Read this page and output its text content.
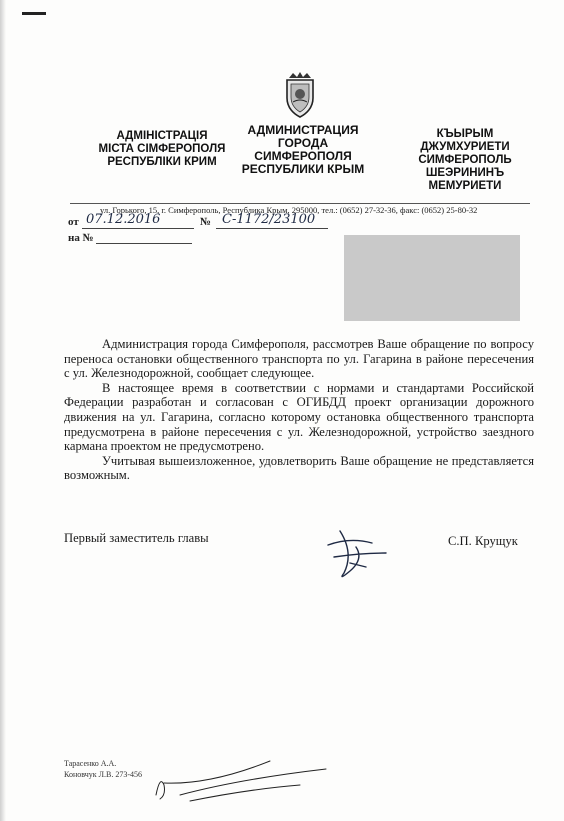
АДМІНІСТРАЦІЯ
МІСТА СІМФЕРОПОЛЯ
РЕСПУБЛІКИ КРИМ
АДМИНИСТРАЦИЯ
ГОРОДА
СИМФЕРОПОЛЯ
РЕСПУБЛИКИ КРЫМ
КЪЫРЫМ
ДЖУМХУРИЕТИ
СИМФЕРОПОЛЬ
ШЕЭРИНИНЪ
МЕМУРИЕТИ
ул. Горького, 15, г. Симферополь, Республика Крым, 295000, тел.: (0652) 27-32-36, факс: (0652) 25-80-32
от 07.12.2016	№ С-1172/23100
на №

Администрация города Симферополя, рассмотрев Ваше обращение по вопросу переноса остановки общественного транспорта по ул. Гагарина в районе пересечения с ул. Железнодорожной, сообщает следующее.

В настоящее время в соответствии с нормами и стандартами Российской Федерации разработан и согласован с ОГИБДД проект организации дорожного движения на ул. Гагарина, согласно которому остановка общественного транспорта предусмотрена в районе пересечения с ул. Железнодорожной, устройство заездного кармана проектом не предусмотрено.

Учитывая вышеизложенное, удовлетворить Ваше обращение не представляется возможным.

Первый заместитель главы	С.П. Крущук
Тарасенко А.А.
Коновчук Л.В. 273-456
